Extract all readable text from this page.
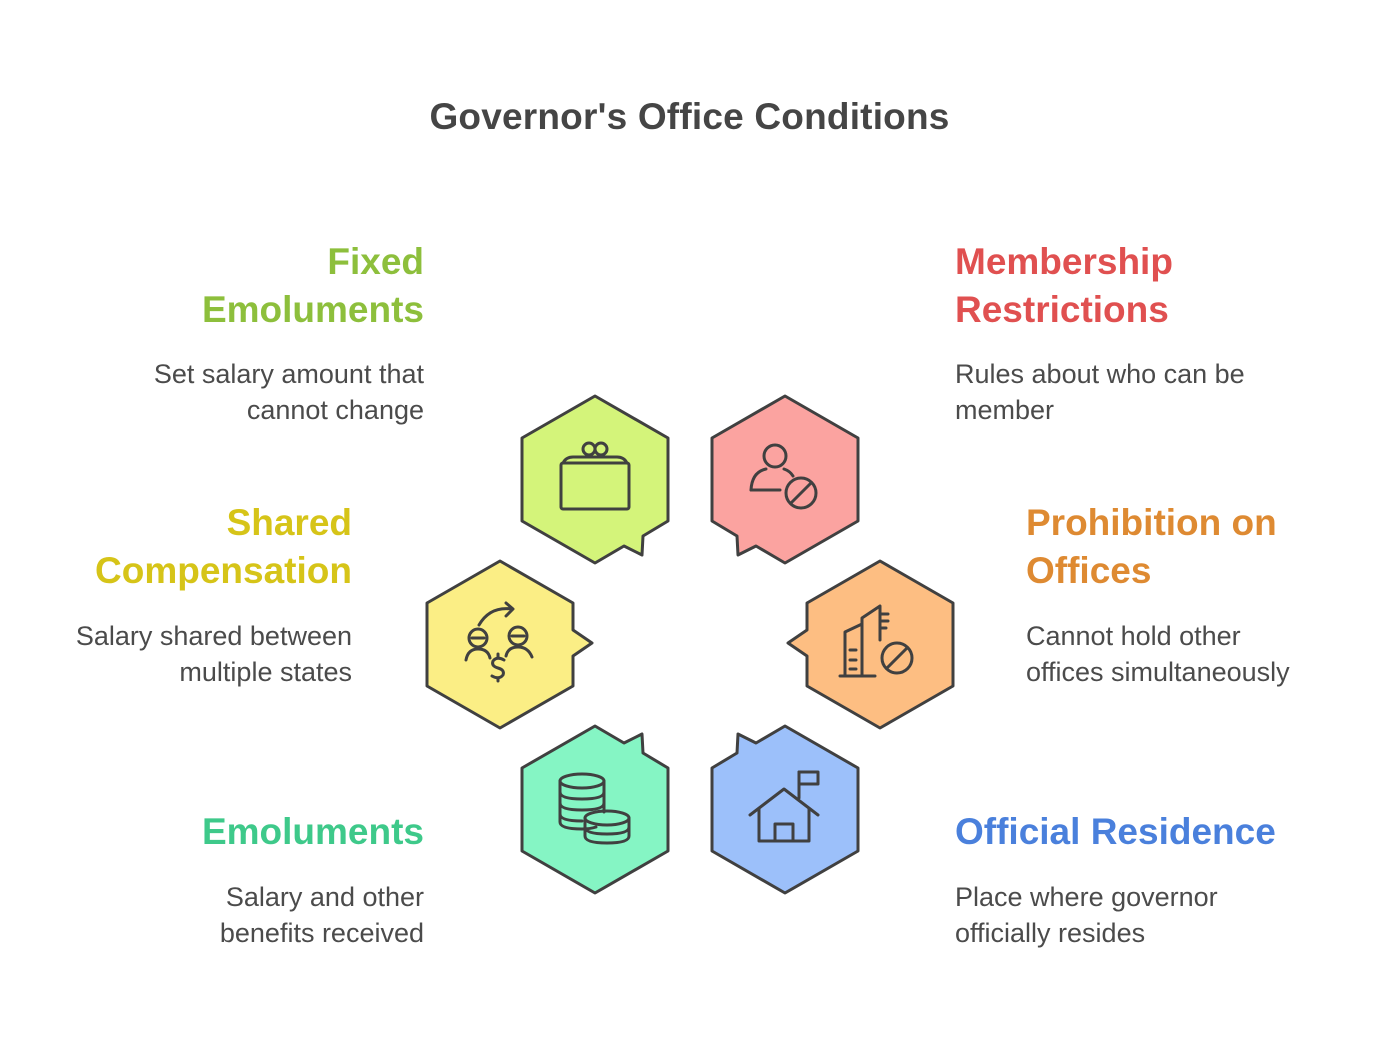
Governor's Office Conditions
Fixed
Emoluments
Set salary amount that
cannot change
Shared
Compensation
Salary shared between
multiple states
Emoluments
Salary and other
benefits received
Membership
Restrictions
Rules about who can be
member
Prohibition on
Offices
Cannot hold other
offices simultaneously
Official Residence
Place where governor
officially resides
